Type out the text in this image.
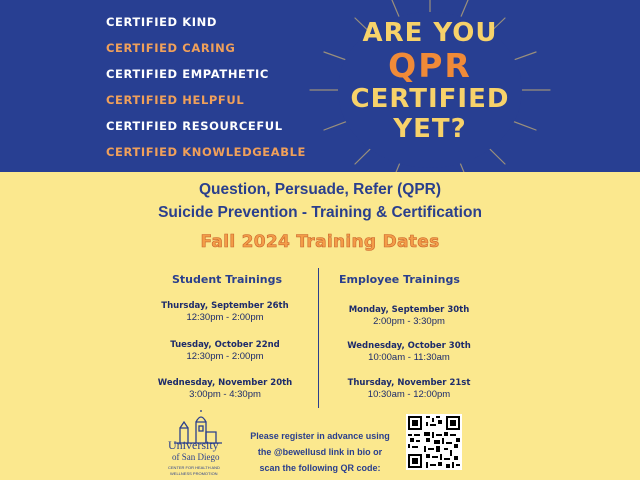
CERTIFIED KIND
CERTIFIED CARING
CERTIFIED EMPATHETIC
CERTIFIED HELPFUL
CERTIFIED RESOURCEFUL
CERTIFIED KNOWLEDGEABLE
ARE YOU
QPR
CERTIFIED
YET?
Question, Persuade, Refer (QPR)
Suicide Prevention - Training & Certification
Fall 2024 Training Dates
Student Trainings	Employee Trainings
Thursday, September 26th
12:30pm - 2:00pm
Tuesday, October 22nd
12:30pm - 2:00pm
Wednesday, November 20th
3:00pm - 4:30pm
Monday, September 30th
2:00pm - 3:30pm
Wednesday, October 30th
10:00am - 11:30am
Thursday, November 21st
10:30am - 12:00pm
University
of San Diego
CENTER FOR HEALTH AND
WELLNESS PROMOTION
Please register in advance using
the @bewellusd link in bio or
scan the following QR code:
